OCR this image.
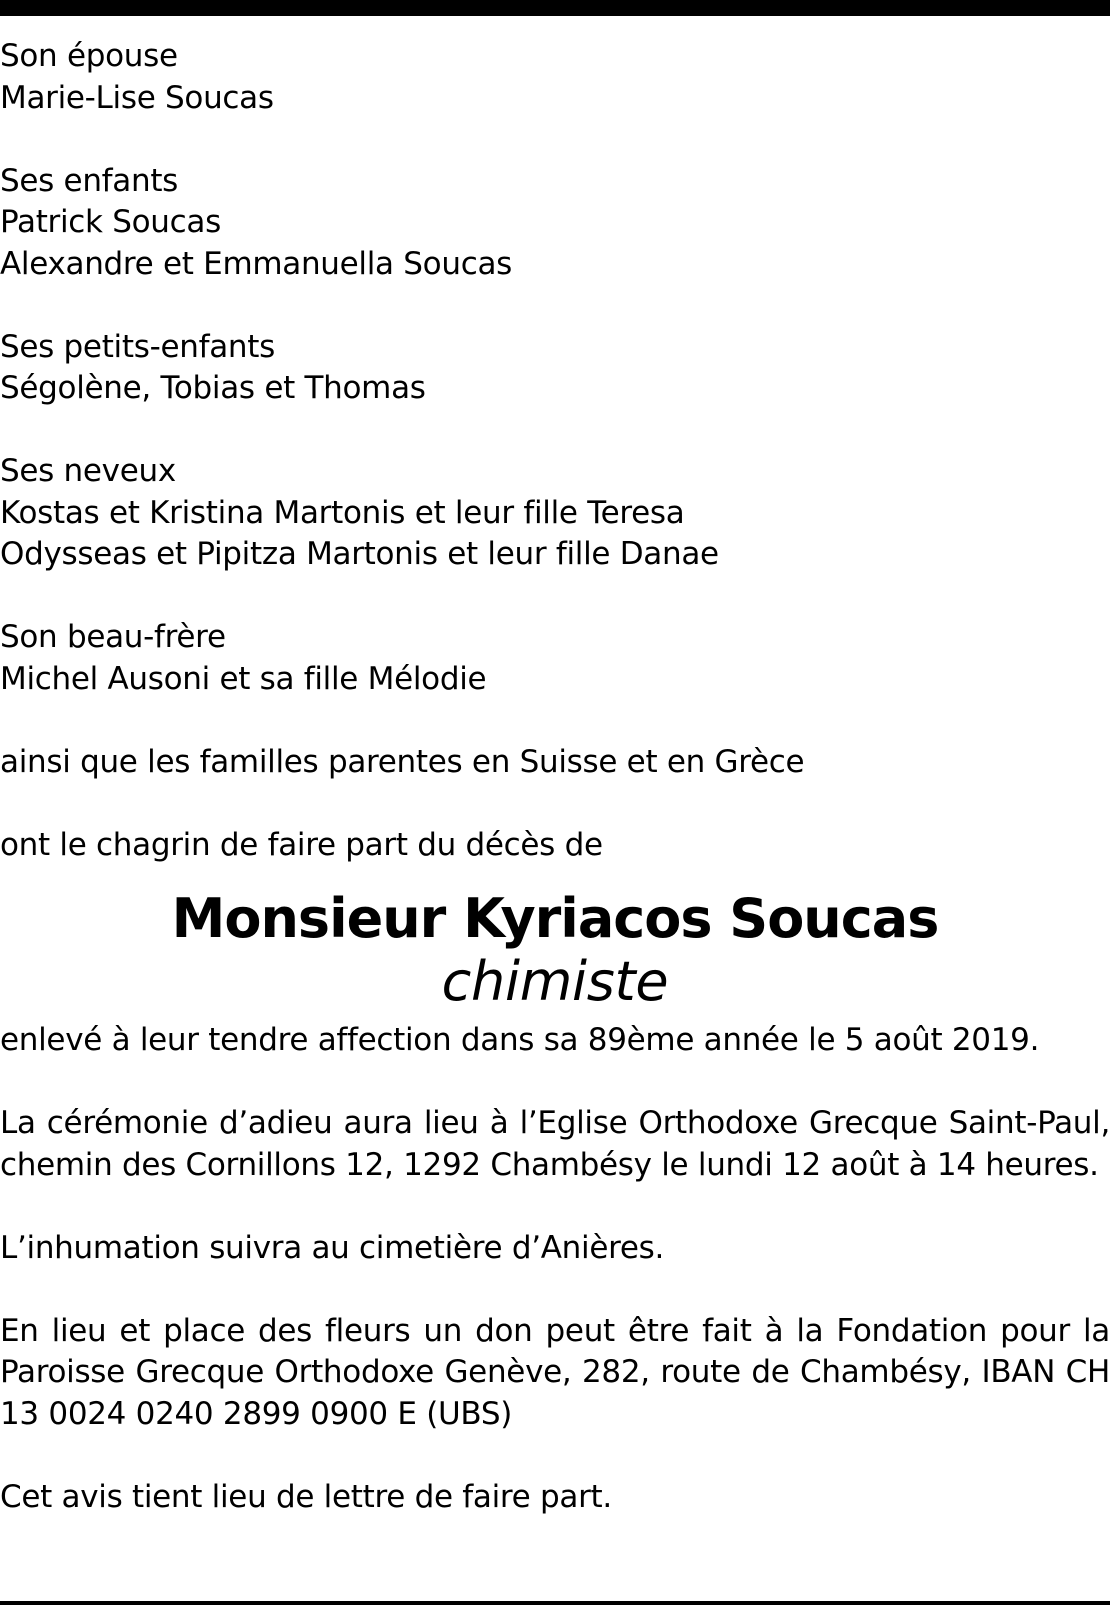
Son épouse
Marie-Lise Soucas
Ses enfants
Patrick Soucas
Alexandre et Emmanuella Soucas
Ses petits-enfants
Ségolène, Tobias et Thomas
Ses neveux
Kostas et Kristina Martonis et leur fille Teresa
Odysseas et Pipitza Martonis et leur fille Danae
Son beau-frère
Michel Ausoni et sa fille Mélodie
ainsi que les familles parentes en Suisse et en Grèce
ont le chagrin de faire part du décès de
Monsieur Kyriacos Soucas
chimiste
enlevé à leur tendre affection dans sa 89ème année le 5 août 2019.
La cérémonie d’adieu aura lieu à l’Eglise Orthodoxe Grecque Saint-Paul, chemin des Cornillons 12, 1292 Chambésy le lundi 12 août à 14 heures.
L’inhumation suivra au cimetière d’Anières.
En lieu et place des fleurs un don peut être fait à la Fondation pour la Paroisse Grecque Orthodoxe Genève, 282, route de Chambésy, IBAN CH 13 0024 0240 2899 0900 E (UBS)
Cet avis tient lieu de lettre de faire part.
